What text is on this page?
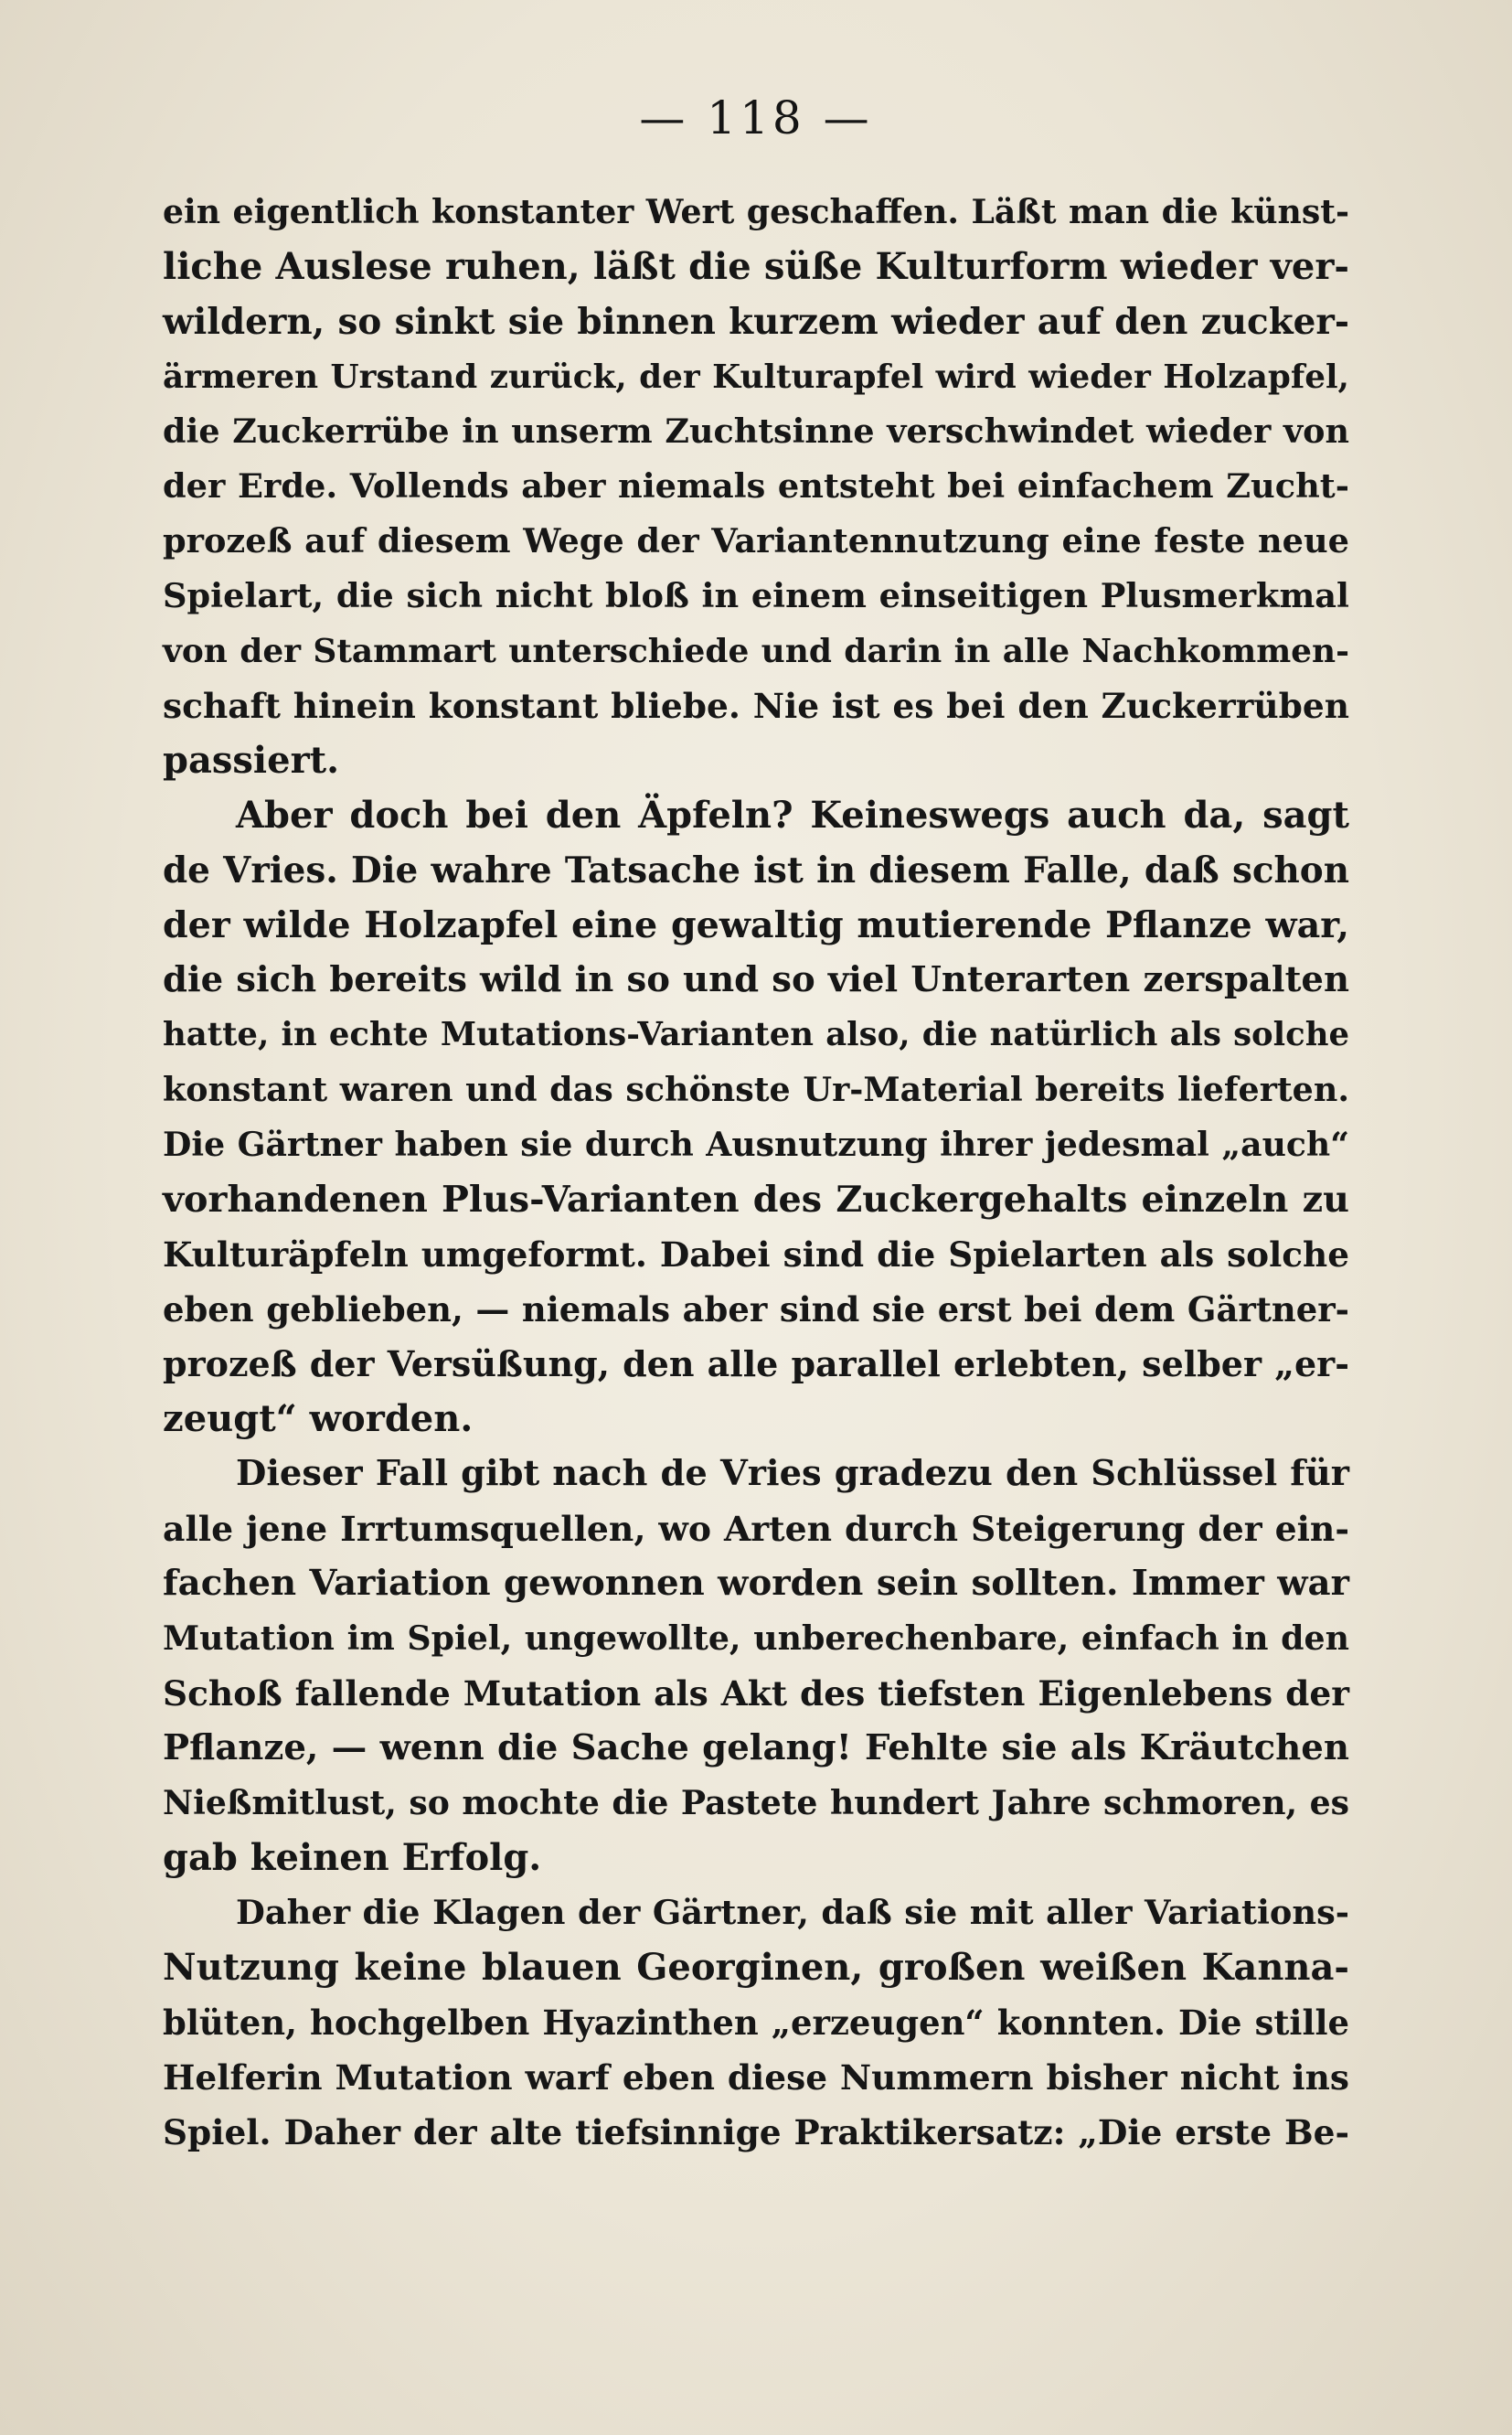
— 118 —
ein eigentlich konstanter Wert geschaffen. Läßt man die künst-
liche Auslese ruhen, läßt die süße Kulturform wieder ver-
wildern, so sinkt sie binnen kurzem wieder auf den zucker-
ärmeren Urstand zurück, der Kulturapfel wird wieder Holzapfel,
die Zuckerrübe in unserm Zuchtsinne verschwindet wieder von
der Erde. Vollends aber niemals entsteht bei einfachem Zucht-
prozeß auf diesem Wege der Variantennutzung eine feste neue
Spielart, die sich nicht bloß in einem einseitigen Plusmerkmal
von der Stammart unterschiede und darin in alle Nachkommen-
schaft hinein konstant bliebe. Nie ist es bei den Zuckerrüben
passiert.
Aber doch bei den Äpfeln? Keineswegs auch da, sagt
de Vries. Die wahre Tatsache ist in diesem Falle, daß schon
der wilde Holzapfel eine gewaltig mutierende Pflanze war,
die sich bereits wild in so und so viel Unterarten zerspalten
hatte, in echte Mutations-Varianten also, die natürlich als solche
konstant waren und das schönste Ur-Material bereits lieferten.
Die Gärtner haben sie durch Ausnutzung ihrer jedesmal „auch“
vorhandenen Plus-Varianten des Zuckergehalts einzeln zu
Kulturäpfeln umgeformt. Dabei sind die Spielarten als solche
eben geblieben, — niemals aber sind sie erst bei dem Gärtner-
prozeß der Versüßung, den alle parallel erlebten, selber „er-
zeugt“ worden.
Dieser Fall gibt nach de Vries gradezu den Schlüssel für
alle jene Irrtumsquellen, wo Arten durch Steigerung der ein-
fachen Variation gewonnen worden sein sollten. Immer war
Mutation im Spiel, ungewollte, unberechenbare, einfach in den
Schoß fallende Mutation als Akt des tiefsten Eigenlebens der
Pflanze, — wenn die Sache gelang! Fehlte sie als Kräutchen
Nießmitlust, so mochte die Pastete hundert Jahre schmoren, es
gab keinen Erfolg.
Daher die Klagen der Gärtner, daß sie mit aller Variations-
Nutzung keine blauen Georginen, großen weißen Kanna-
blüten, hochgelben Hyazinthen „erzeugen“ konnten. Die stille
Helferin Mutation warf eben diese Nummern bisher nicht ins
Spiel. Daher der alte tiefsinnige Praktikersatz: „Die erste Be-
